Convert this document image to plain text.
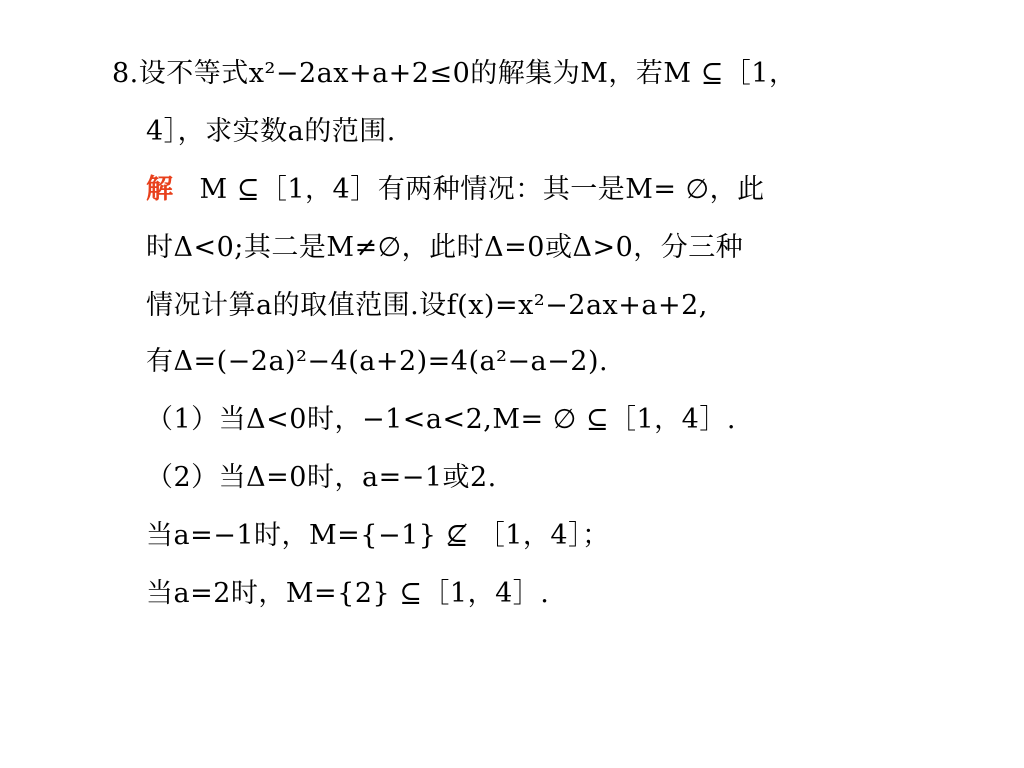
8.设不等式x²−2ax+a+2≤0的解集为M，若M ⊆［1，
4］，求实数a的范围.
解 M ⊆［1，4］有两种情况：其一是M= ∅，此
时Δ<0;其二是M≠∅，此时Δ=0或Δ>0，分三种
情况计算a的取值范围.设f(x)=x²−2ax+a+2,
有Δ=(−2a)²−4(a+2)=4(a²−a−2).
（1）当Δ<0时，−1<a<2,M= ∅ ⊆［1，4］.
（2）当Δ=0时，a=−1或2.
当a=−1时，M={−1} ⊈ ［1，4］；
当a=2时，M={2} ⊆［1，4］.
